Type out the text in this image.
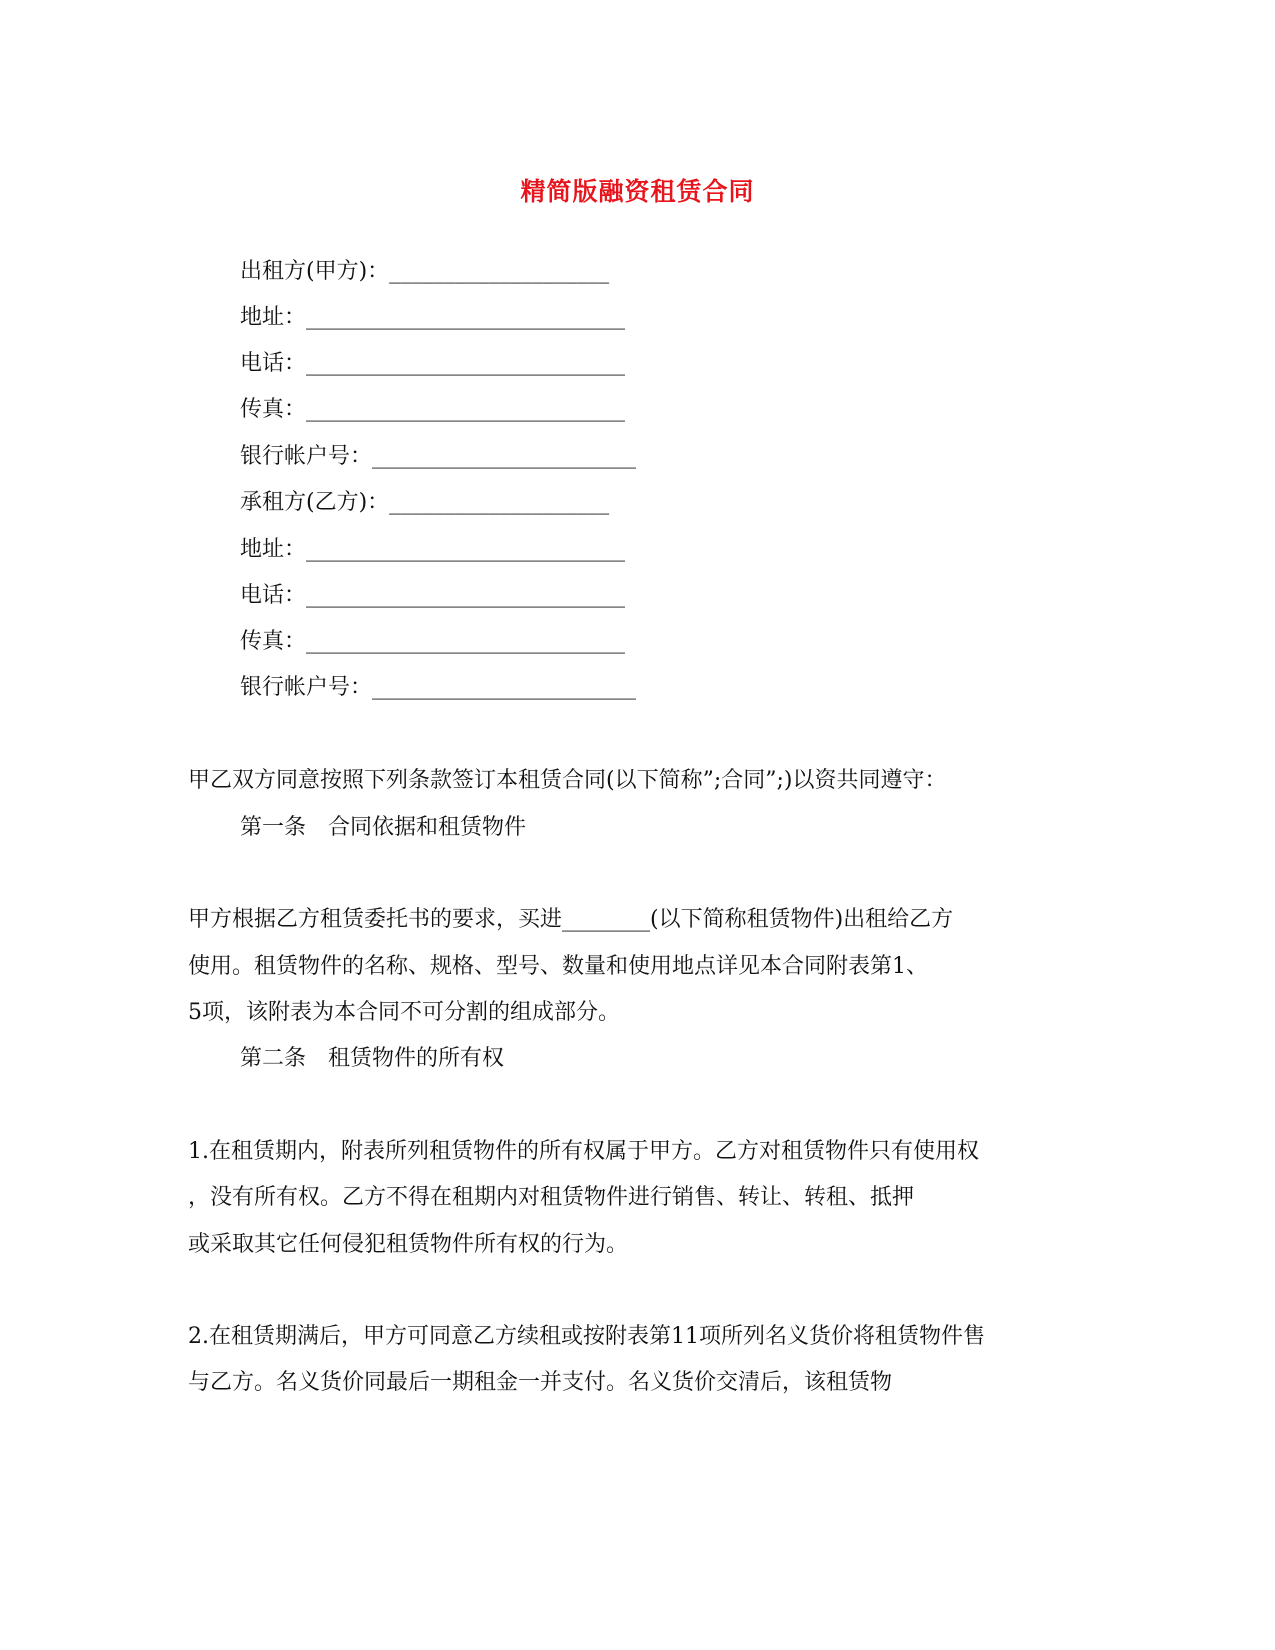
精简版融资租赁合同
出租方(甲方)：____________________
地址：_____________________________
电话：_____________________________
传真：_____________________________
银行帐户号：________________________
承租方(乙方)：____________________
地址：_____________________________
电话：_____________________________
传真：_____________________________
银行帐户号：________________________
甲乙双方同意按照下列条款签订本租赁合同(以下简称”;合同”;)以资共同遵守：
第一条　合同依据和租赁物件
甲方根据乙方租赁委托书的要求，买进________(以下简称租赁物件)出租给乙方
使用。租赁物件的名称、规格、型号、数量和使用地点详见本合同附表第1、
5项，该附表为本合同不可分割的组成部分。
第二条　租赁物件的所有权
1.在租赁期内，附表所列租赁物件的所有权属于甲方。乙方对租赁物件只有使用权
，没有所有权。乙方不得在租期内对租赁物件进行销售、转让、转租、抵押
或采取其它任何侵犯租赁物件所有权的行为。
2.在租赁期满后，甲方可同意乙方续租或按附表第11项所列名义货价将租赁物件售
与乙方。名义货价同最后一期租金一并支付。名义货价交清后，该租赁物
